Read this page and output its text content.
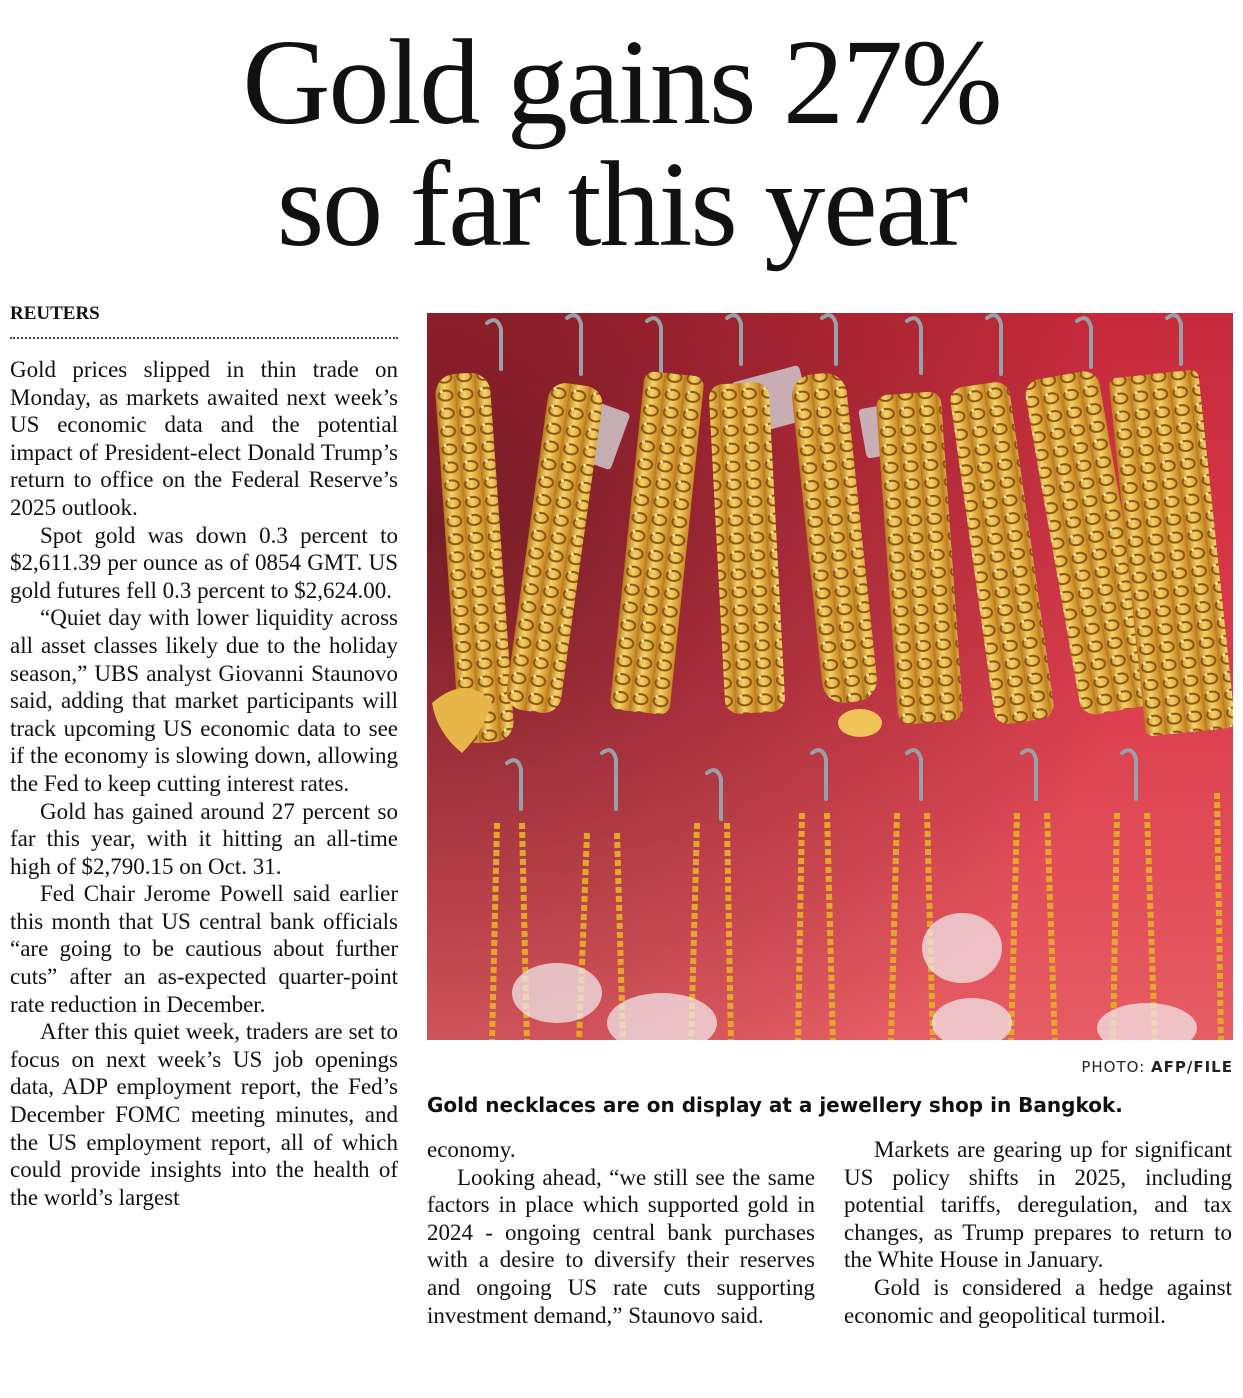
Gold gains 27%
so far this year
REUTERS

Gold prices slipped in thin trade on Monday, as markets awaited next week’s US economic data and the potential impact of President-elect Donald Trump’s return to office on the Federal Reserve’s 2025 outlook.

Spot gold was down 0.3 percent to $2,611.39 per ounce as of 0854 GMT. US gold futures fell 0.3 percent to $2,624.00.

“Quiet day with lower liquidity across all asset classes likely due to the holiday season,” UBS analyst Giovanni Staunovo said, adding that market participants will track upcoming US economic data to see if the economy is slowing down, allowing the Fed to keep cutting interest rates.

Gold has gained around 27 percent so far this year, with it hitting an all-time high of $2,790.15 on Oct. 31.

Fed Chair Jerome Powell said earlier this month that US central bank officials “are going to be cautious about further cuts” after an as-expected quarter-point rate reduction in December.

After this quiet week, traders are set to focus on next week’s US job openings data, ADP employment report, the Fed’s December FOMC meeting minutes, and the US employment report, all of which could provide insights into the health of the world’s largest

PHOTO: AFP/FILE
Gold necklaces are on display at a jewellery shop in Bangkok.

economy.

Looking ahead, “we still see the same factors in place which supported gold in 2024 - ongoing central bank purchases with a desire to diversify their reserves and ongoing US rate cuts supporting investment demand,” Staunovo said.

Markets are gearing up for significant US policy shifts in 2025, including potential tariffs, deregulation, and tax changes, as Trump prepares to return to the White House in January.

Gold is considered a hedge against economic and geopolitical turmoil.
